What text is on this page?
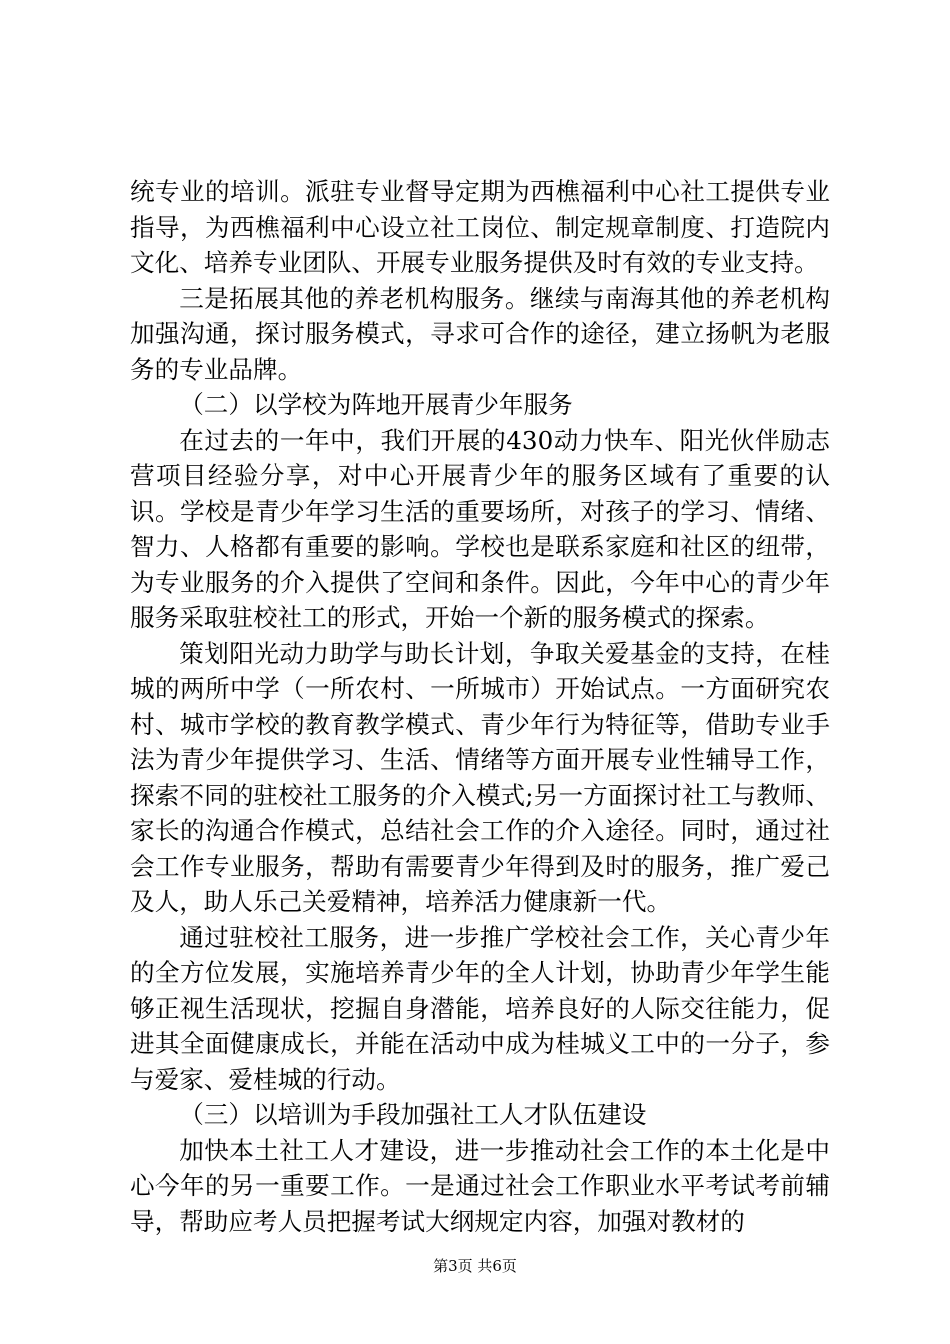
统专业的培训。派驻专业督导定期为西樵福利中心社工提供专业指导，为西樵福利中心设立社工岗位、制定规章制度、打造院内文化、培养专业团队、开展专业服务提供及时有效的专业支持。

三是拓展其他的养老机构服务。继续与南海其他的养老机构加强沟通，探讨服务模式，寻求可合作的途径，建立扬帆为老服务的专业品牌。

（二）以学校为阵地开展青少年服务

在过去的一年中，我们开展的430动力快车、阳光伙伴励志营项目经验分享，对中心开展青少年的服务区域有了重要的认识。学校是青少年学习生活的重要场所，对孩子的学习、情绪、智力、人格都有重要的影响。学校也是联系家庭和社区的纽带，为专业服务的介入提供了空间和条件。因此，今年中心的青少年服务采取驻校社工的形式，开始一个新的服务模式的探索。

策划阳光动力助学与助长计划，争取关爱基金的支持，在桂城的两所中学（一所农村、一所城市）开始试点。一方面研究农村、城市学校的教育教学模式、青少年行为特征等，借助专业手法为青少年提供学习、生活、情绪等方面开展专业性辅导工作，探索不同的驻校社工服务的介入模式;另一方面探讨社工与教师、家长的沟通合作模式，总结社会工作的介入途径。同时，通过社会工作专业服务，帮助有需要青少年得到及时的服务，推广爱己及人，助人乐己关爱精神，培养活力健康新一代。

通过驻校社工服务，进一步推广学校社会工作，关心青少年的全方位发展，实施培养青少年的全人计划，协助青少年学生能够正视生活现状，挖掘自身潜能，培养良好的人际交往能力，促进其全面健康成长，并能在活动中成为桂城义工中的一分子，参与爱家、爱桂城的行动。

（三）以培训为手段加强社工人才队伍建设

加快本土社工人才建设，进一步推动社会工作的本土化是中心今年的另一重要工作。一是通过社会工作职业水平考试考前辅导，帮助应考人员把握考试大纲规定内容，加强对教材的

第3页 共6页
